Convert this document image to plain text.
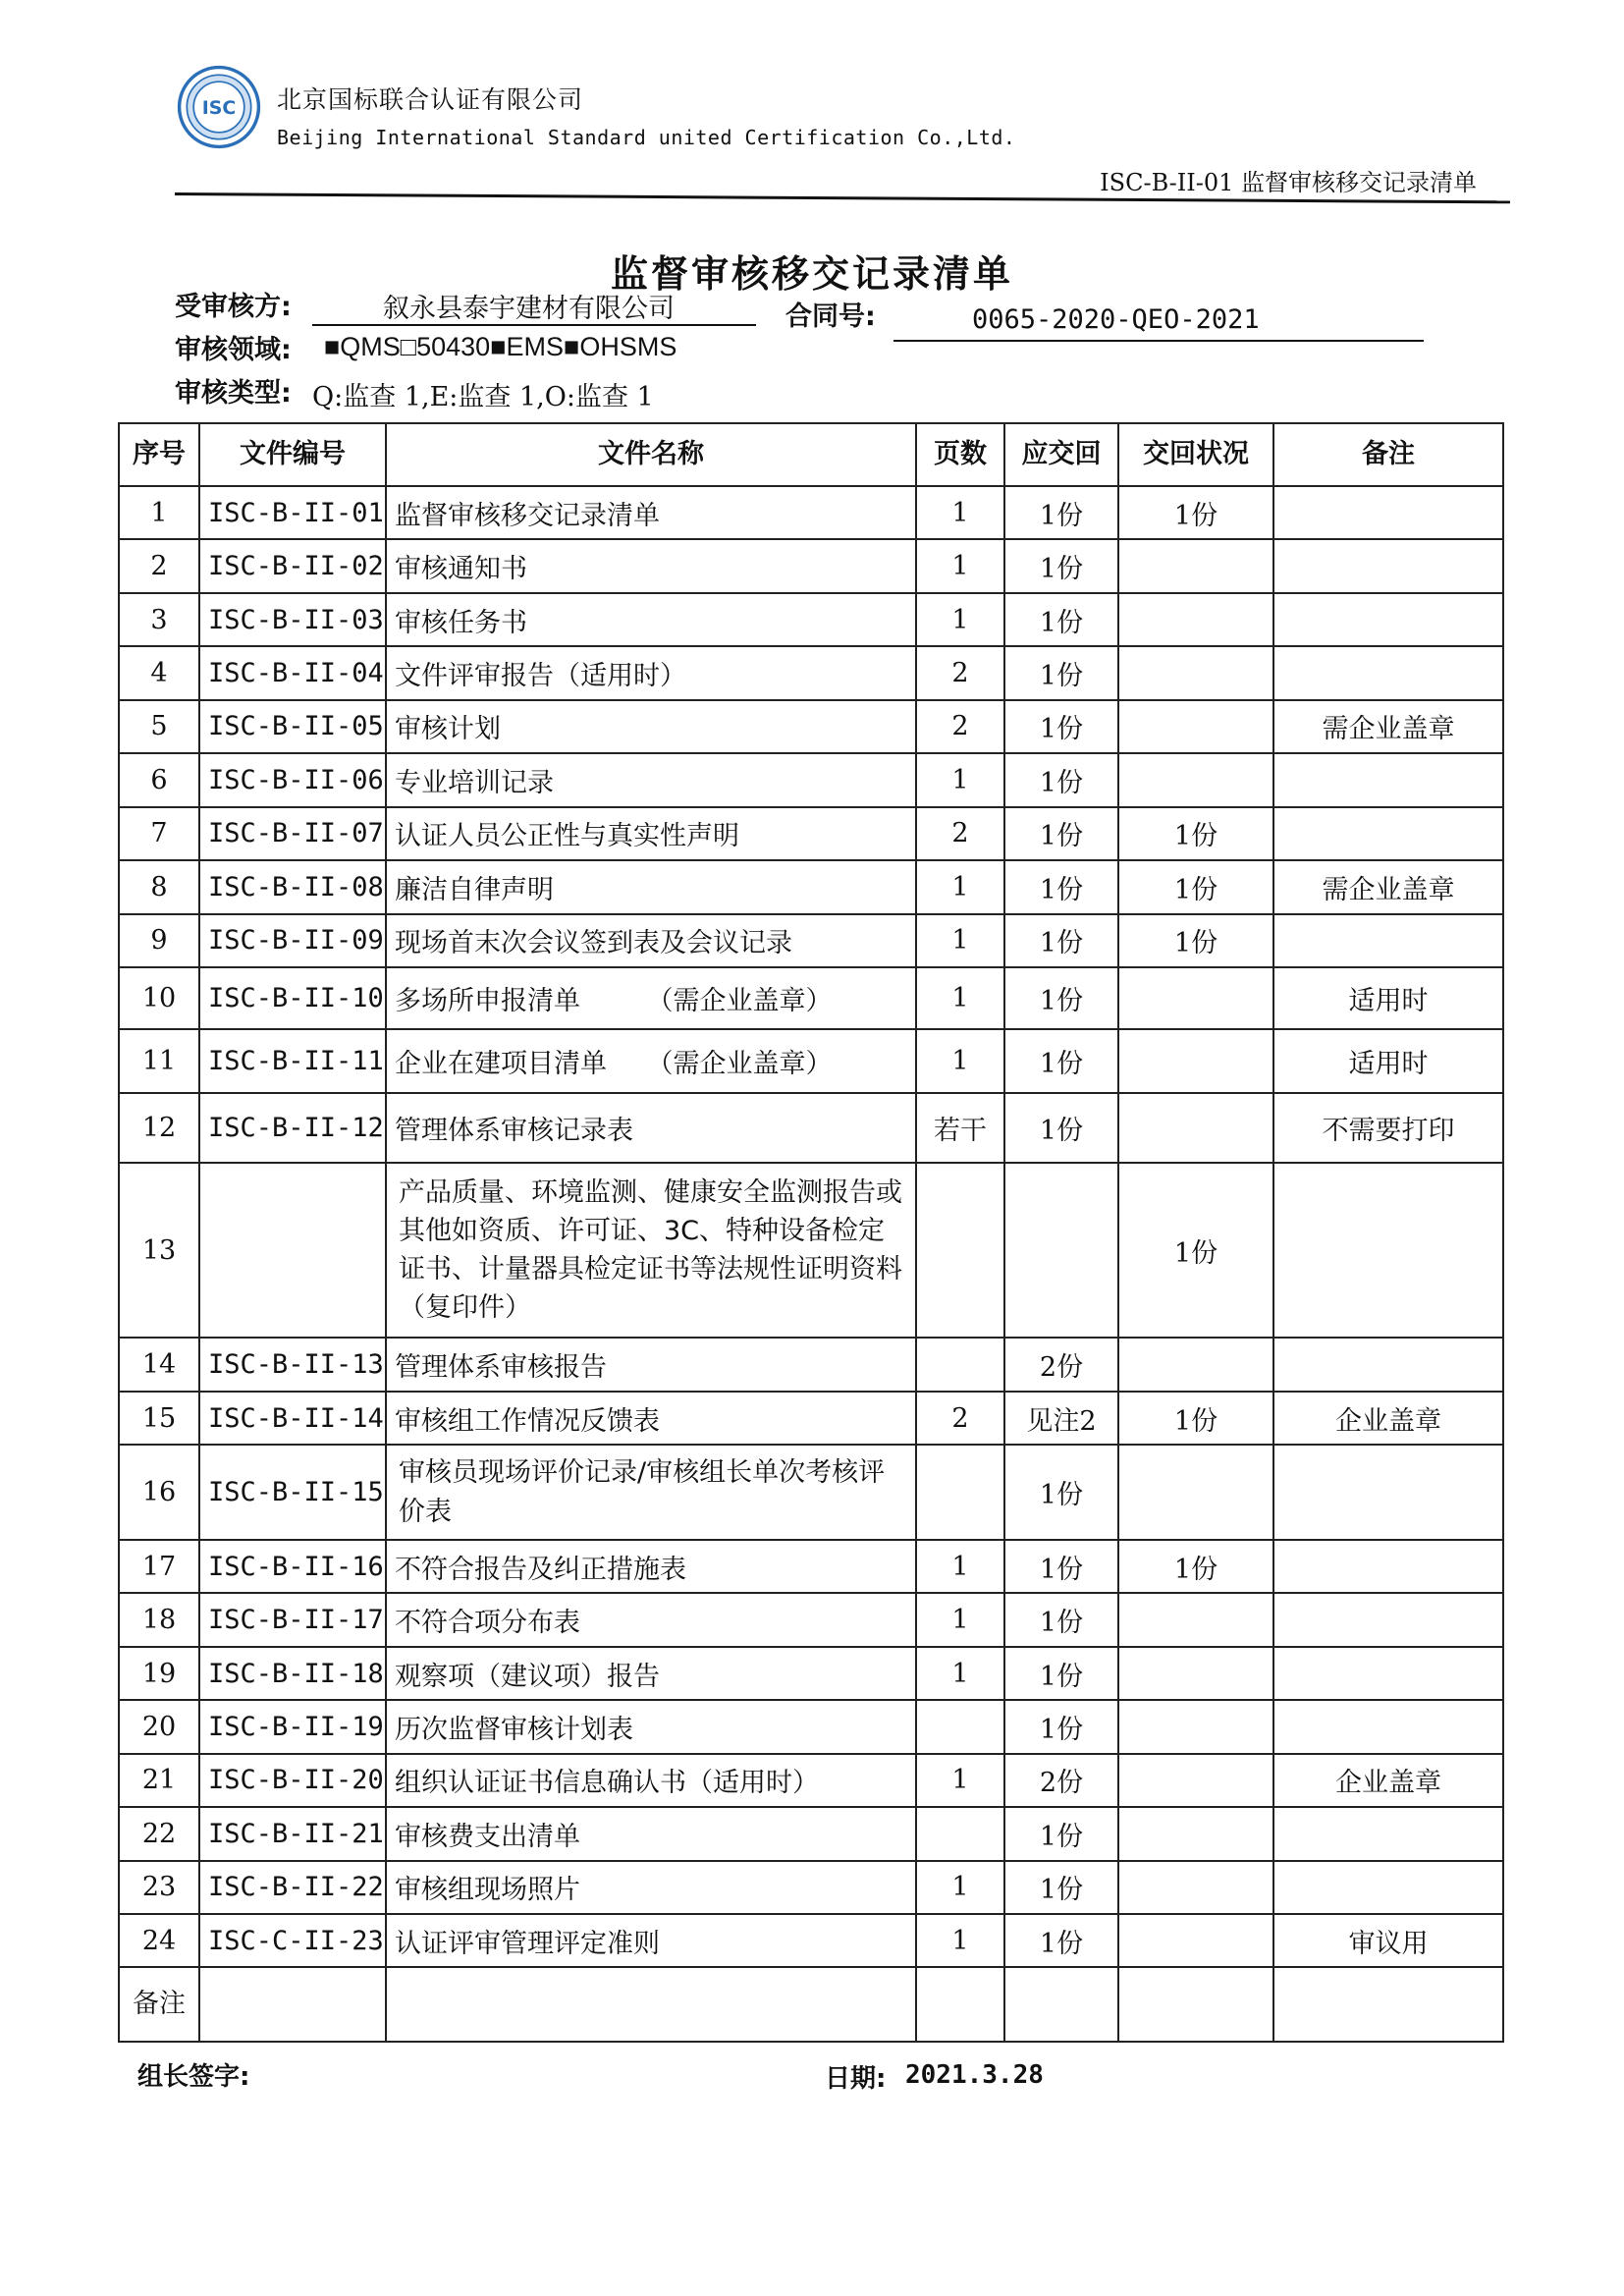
ISC 北京国标联合认证有限公司
Beijing International Standard united Certification Co.,Ltd.
ISC-B-II-01 监督审核移交记录清单
监督审核移交记录清单
受审核方:	叙永县泰宇建材有限公司	合同号:	0065-2020-QEO-2021
审核领域: ■QMS□50430■EMS■OHSMS
审核类型: Q:监查 1,E:监查 1,O:监查 1
序号	文件编号	文件名称	页数	应交回	交回状况	备注
1	ISC-B-II-01	监督审核移交记录清单	1	1份	1份	
2	ISC-B-II-02	审核通知书	1	1份		
3	ISC-B-II-03	审核任务书	1	1份		
4	ISC-B-II-04	文件评审报告（适用时）	2	1份		
5	ISC-B-II-05	审核计划	2	1份		需企业盖章
6	ISC-B-II-06	专业培训记录	1	1份		
7	ISC-B-II-07	认证人员公正性与真实性声明	2	1份	1份	
8	ISC-B-II-08	廉洁自律声明	1	1份	1份	需企业盖章
9	ISC-B-II-09	现场首末次会议签到表及会议记录	1	1份	1份	
10	ISC-B-II-10	多场所申报清单　　　（需企业盖章）	1	1份		适用时
11	ISC-B-II-11	企业在建项目清单　　（需企业盖章）	1	1份		适用时
12	ISC-B-II-12	管理体系审核记录表	若干	1份		不需要打印
13		产品质量、环境监测、健康安全监测报告或其他如资质、许可证、3C、特种设备检定证书、计量器具检定证书等法规性证明资料（复印件）			1份	
14	ISC-B-II-13	管理体系审核报告		2份		
15	ISC-B-II-14	审核组工作情况反馈表	2	见注2	1份	企业盖章
16	ISC-B-II-15	审核员现场评价记录/审核组长单次考核评价表		1份		
17	ISC-B-II-16	不符合报告及纠正措施表	1	1份	1份	
18	ISC-B-II-17	不符合项分布表	1	1份		
19	ISC-B-II-18	观察项（建议项）报告	1	1份		
20	ISC-B-II-19	历次监督审核计划表		1份		
21	ISC-B-II-20	组织认证证书信息确认书（适用时）	1	2份		企业盖章
22	ISC-B-II-21	审核费支出清单		1份		
23	ISC-B-II-22	审核组现场照片	1	1份		
24	ISC-C-II-23	认证评审管理评定准则	1	1份		审议用
备注						
组长签字:	日期: 2021.3.28
